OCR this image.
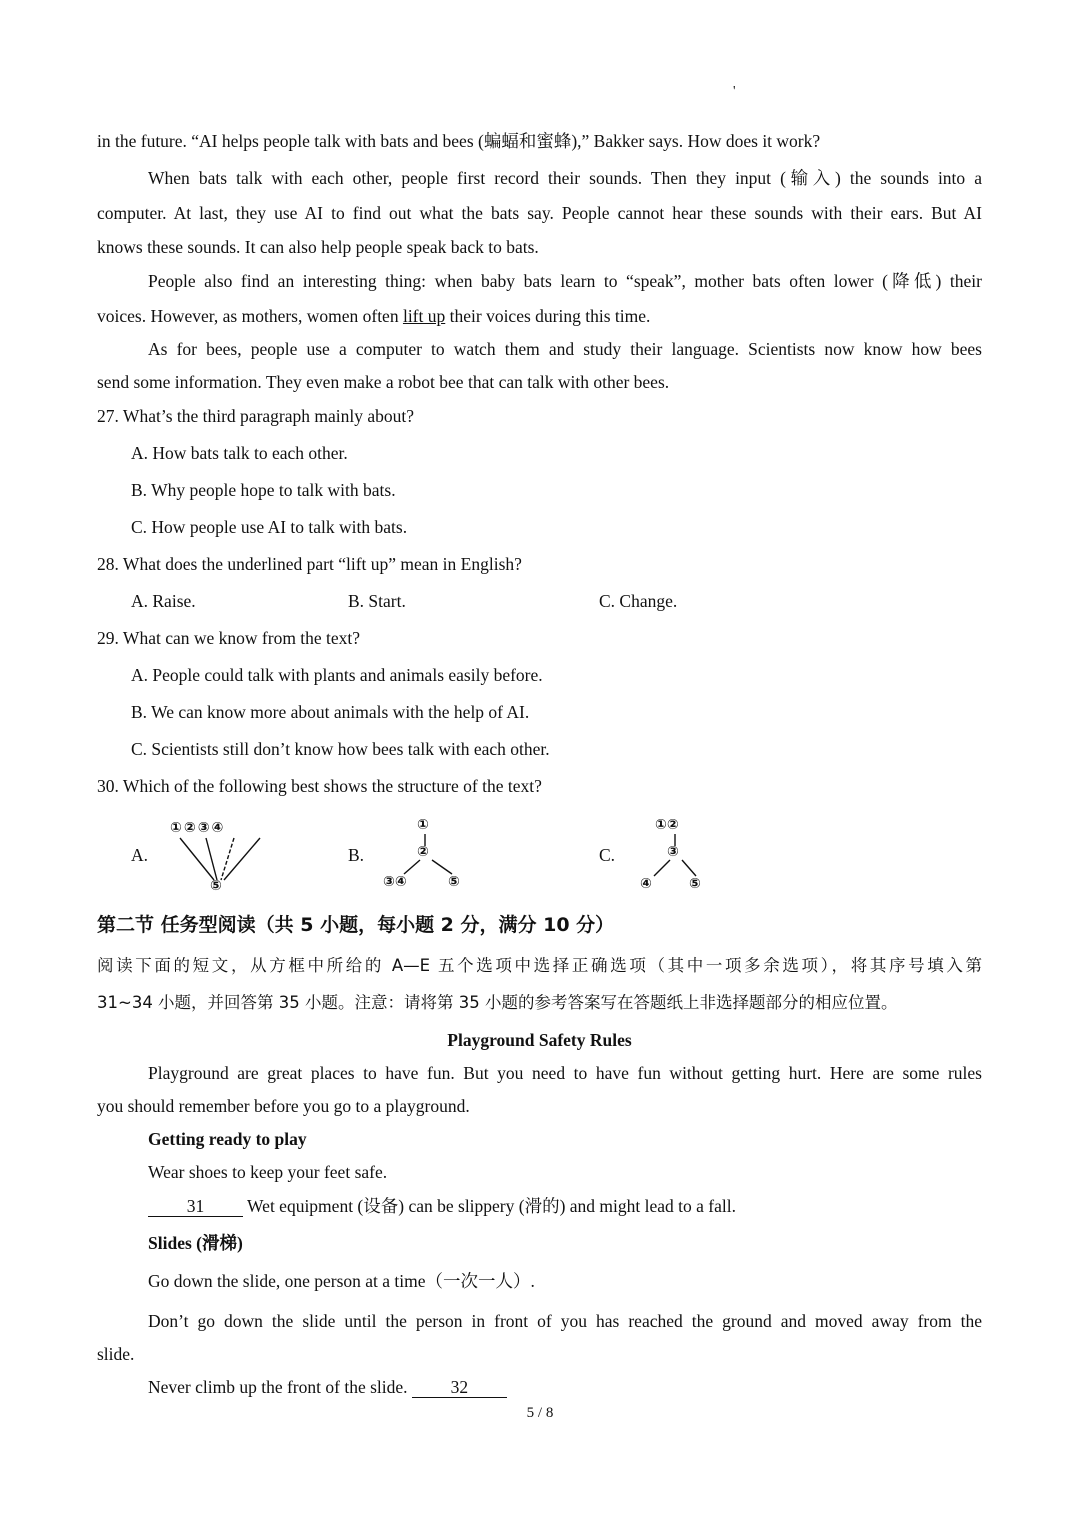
'
in the future. “AI helps people talk with bats and bees (蝙蝠和蜜蜂),” Bakker says. How does it work?
When bats talk with each other, people first record their sounds. Then they input (输入) the sounds into a
computer. At last, they use AI to find out what the bats say. People cannot hear these sounds with their ears. But AI
knows these sounds. It can also help people speak back to bats.
People also find an interesting thing: when baby bats learn to “speak”, mother bats often lower (降低) their
voices. However, as mothers, women often lift up their voices during this time.
As for bees, people use a computer to watch them and study their language. Scientists now know how bees
send some information. They even make a robot bee that can talk with other bees.
27. What’s the third paragraph mainly about?
A. How bats talk to each other.
B. Why people hope to talk with bats.
C. How people use AI to talk with bats.
28. What does the underlined part “lift up” mean in English?
A. Raise.	B. Start.	C. Change.
29. What can we know from the text?
A. People could talk with plants and animals easily before.
B. We can know more about animals with the help of AI.
C. Scientists still don’t know how bees talk with each other.
30. Which of the following best shows the structure of the text?
A.
①②③④
⑤
B.
①
②
③④	⑤
C.
①②
③
④	⑤
第二节 任务型阅读（共 5 小题，每小题 2 分，满分 10 分）
阅读下面的短文，从方框中所给的 A—E 五个选项中选择正确选项（其中一项多余选项），将其序号填入第
31~34 小题，并回答第 35 小题。注意：请将第 35 小题的参考答案写在答题纸上非选择题部分的相应位置。
Playground Safety Rules
Playground are great places to have fun. But you need to have fun without getting hurt. Here are some rules
you should remember before you go to a playground.
Getting ready to play
Wear shoes to keep your feet safe.
31 Wet equipment (设备) can be slippery (滑的) and might lead to a fall.
Slides (滑梯)
Go down the slide, one person at a time（一次一人）.
Don’t go down the slide until the person in front of you has reached the ground and moved away from the
slide.
Never climb up the front of the slide. 32
5 / 8
